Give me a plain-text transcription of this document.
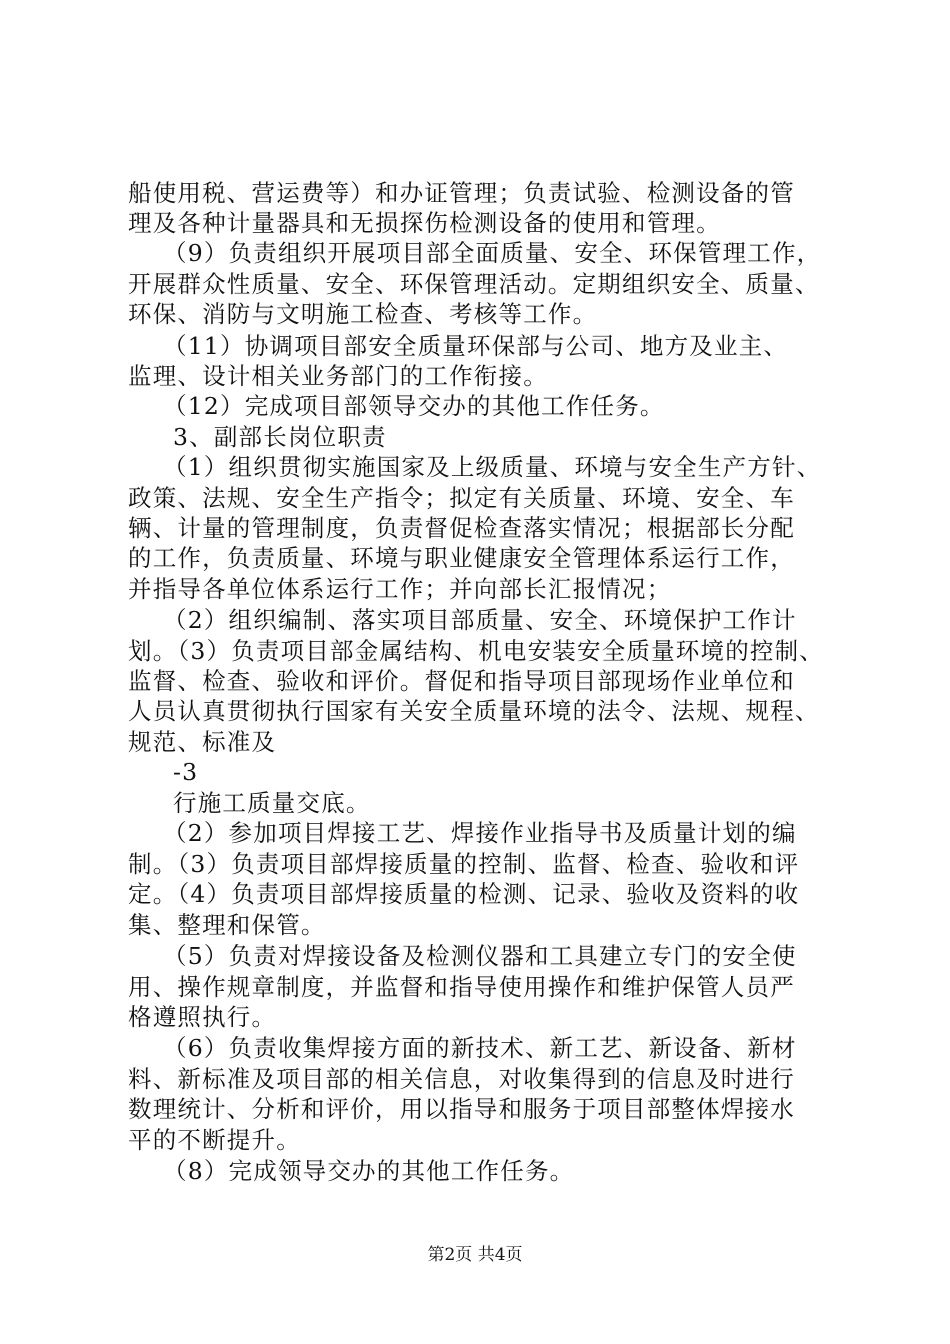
船使用税、营运费等）和办证管理；负责试验、检测设备的管
理及各种计量器具和无损探伤检测设备的使用和管理。
（9）负责组织开展项目部全面质量、安全、环保管理工作，
开展群众性质量、安全、环保管理活动。定期组织安全、质量、
环保、消防与文明施工检查、考核等工作。
（11）协调项目部安全质量环保部与公司、地方及业主、
监理、设计相关业务部门的工作衔接。
（12）完成项目部领导交办的其他工作任务。
3、副部长岗位职责
（1）组织贯彻实施国家及上级质量、环境与安全生产方针、
政策、法规、安全生产指令；拟定有关质量、环境、安全、车
辆、计量的管理制度，负责督促检查落实情况；根据部长分配
的工作，负责质量、环境与职业健康安全管理体系运行工作，
并指导各单位体系运行工作；并向部长汇报情况；
（2）组织编制、落实项目部质量、安全、环境保护工作计
划。（3）负责项目部金属结构、机电安装安全质量环境的控制、
监督、检查、验收和评价。督促和指导项目部现场作业单位和
人员认真贯彻执行国家有关安全质量环境的法令、法规、规程、
规范、标准及
-3
行施工质量交底。
（2）参加项目焊接工艺、焊接作业指导书及质量计划的编
制。（3）负责项目部焊接质量的控制、监督、检查、验收和评
定。（4）负责项目部焊接质量的检测、记录、验收及资料的收
集、整理和保管。
（5）负责对焊接设备及检测仪器和工具建立专门的安全使
用、操作规章制度，并监督和指导使用操作和维护保管人员严
格遵照执行。
（6）负责收集焊接方面的新技术、新工艺、新设备、新材
料、新标准及项目部的相关信息，对收集得到的信息及时进行
数理统计、分析和评价，用以指导和服务于项目部整体焊接水
平的不断提升。
（8）完成领导交办的其他工作任务。
第2页 共4页
